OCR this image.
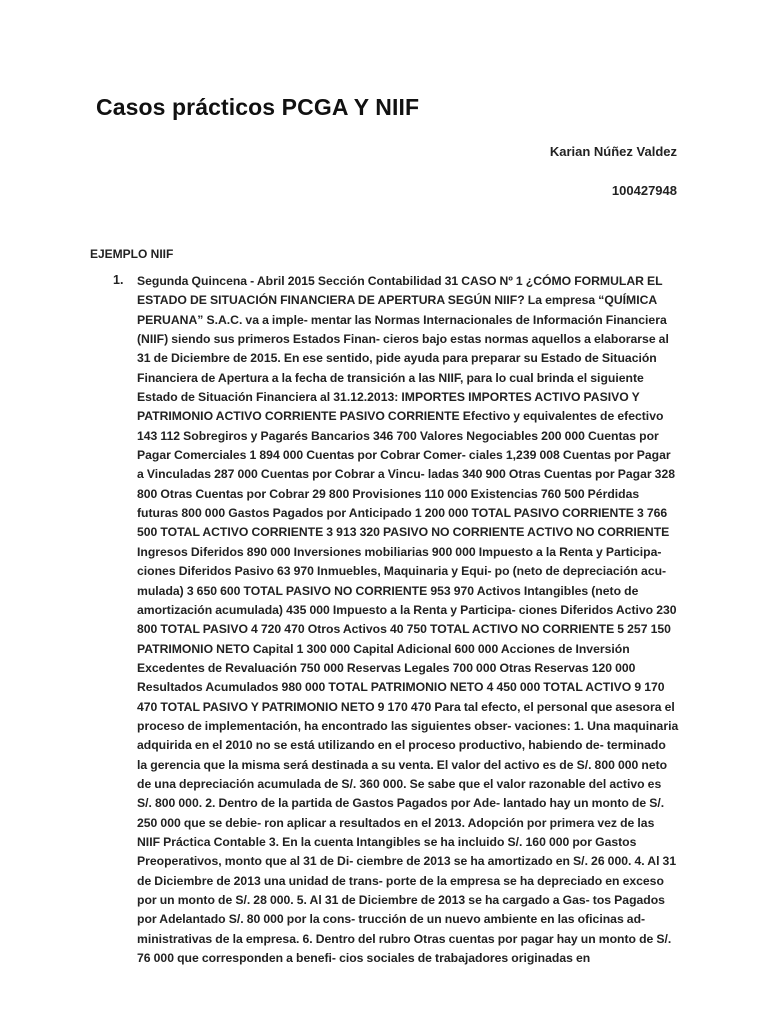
Casos prácticos PCGA Y NIIF
Karian Núñez Valdez
100427948
EJEMPLO NIIF
1. Segunda Quincena - Abril 2015 Sección Contabilidad 31 CASO Nº 1 ¿CÓMO FORMULAR EL ESTADO DE SITUACIÓN FINANCIERA DE APERTURA SEGÚN NIIF? La empresa “QUÍMICA PERUANA” S.A.C. va a imple- mentar las Normas Internacionales de Información Financiera (NIIF) siendo sus primeros Estados Finan- cieros bajo estas normas aquellos a elaborarse al 31 de Diciembre de 2015. En ese sentido, pide ayuda para preparar su Estado de Situación Financiera de Apertura a la fecha de transición a las NIIF, para lo cual brinda el siguiente Estado de Situación Financiera al 31.12.2013: IMPORTES IMPORTES ACTIVO PASIVO Y PATRIMONIO ACTIVO CORRIENTE PASIVO CORRIENTE Efectivo y equivalentes de efectivo 143 112 Sobregiros y Pagarés Bancarios 346 700 Valores Negociables 200 000 Cuentas por Pagar Comerciales 1 894 000 Cuentas por Cobrar Comer- ciales 1,239 008 Cuentas por Pagar a Vinculadas 287 000 Cuentas por Cobrar a Vincu- ladas 340 900 Otras Cuentas por Pagar 328 800 Otras Cuentas por Cobrar 29 800 Provisiones 110 000 Existencias 760 500 Pérdidas futuras 800 000 Gastos Pagados por Anticipado 1 200 000 TOTAL PASIVO CORRIENTE 3 766 500 TOTAL ACTIVO CORRIENTE 3 913 320 PASIVO NO CORRIENTE ACTIVO NO CORRIENTE Ingresos Diferidos 890 000 Inversiones mobiliarias 900 000 Impuesto a la Renta y Participa- ciones Diferidos Pasivo 63 970 Inmuebles, Maquinaria y Equi- po (neto de depreciación acu- mulada) 3 650 600 TOTAL PASIVO NO CORRIENTE 953 970 Activos Intangibles (neto de amortización acumulada) 435 000 Impuesto a la Renta y Participa- ciones Diferidos Activo 230 800 TOTAL PASIVO 4 720 470 Otros Activos 40 750 TOTAL ACTIVO NO CORRIENTE 5 257 150 PATRIMONIO NETO Capital 1 300 000 Capital Adicional 600 000 Acciones de Inversión Excedentes de Revaluación 750 000 Reservas Legales 700 000 Otras Reservas 120 000 Resultados Acumulados 980 000 TOTAL PATRIMONIO NETO 4 450 000 TOTAL ACTIVO 9 170 470 TOTAL PASIVO Y PATRIMONIO NETO 9 170 470 Para tal efecto, el personal que asesora el proceso de implementación, ha encontrado las siguientes obser- vaciones: 1. Una maquinaria adquirida en el 2010 no se está utilizando en el proceso productivo, habiendo de- terminado la gerencia que la misma será destinada a su venta. El valor del activo es de S/. 800 000 neto de una depreciación acumulada de S/. 360 000. Se sabe que el valor razonable del activo es S/. 800 000. 2. Dentro de la partida de Gastos Pagados por Ade- lantado hay un monto de S/. 250 000 que se debie- ron aplicar a resultados en el 2013. Adopción por primera vez de las NIIF Práctica Contable 3. En la cuenta Intangibles se ha incluido S/. 160 000 por Gastos Preoperativos, monto que al 31 de Di- ciembre de 2013 se ha amortizado en S/. 26 000. 4. Al 31 de Diciembre de 2013 una unidad de trans- porte de la empresa se ha depreciado en exceso por un monto de S/. 28 000. 5. Al 31 de Diciembre de 2013 se ha cargado a Gas- tos Pagados por Adelantado S/. 80 000 por la cons- trucción de un nuevo ambiente en las oficinas ad- ministrativas de la empresa. 6. Dentro del rubro Otras cuentas por pagar hay un monto de S/. 76 000 que corresponden a benefi- cios sociales de trabajadores originadas en
